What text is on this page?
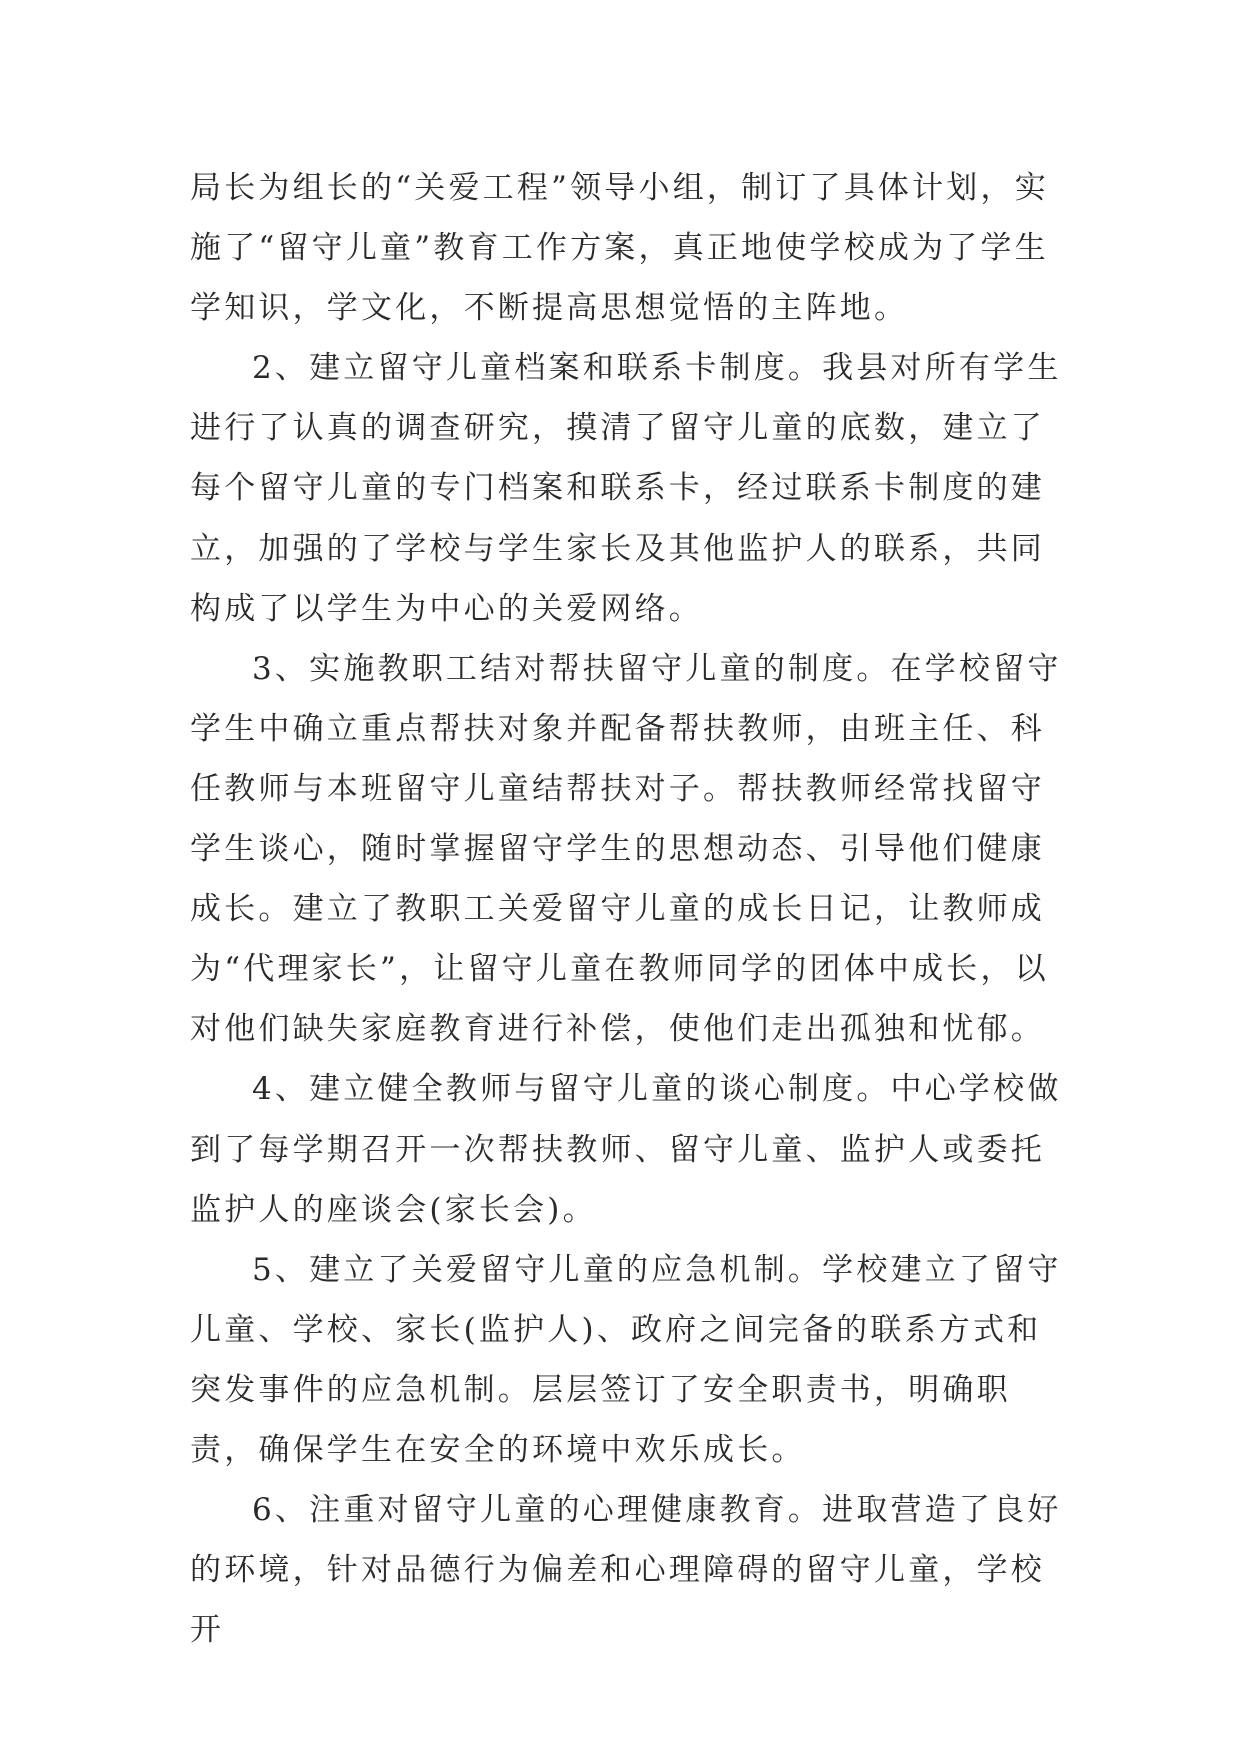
局长为组长的“关爱工程”领导小组，制订了具体计划，实施了“留守儿童”教育工作方案，真正地使学校成为了学生学知识，学文化，不断提高思想觉悟的主阵地。

2、建立留守儿童档案和联系卡制度。我县对所有学生进行了认真的调查研究，摸清了留守儿童的底数，建立了每个留守儿童的专门档案和联系卡，经过联系卡制度的建立，加强的了学校与学生家长及其他监护人的联系，共同构成了以学生为中心的关爱网络。

3、实施教职工结对帮扶留守儿童的制度。在学校留守学生中确立重点帮扶对象并配备帮扶教师，由班主任、科任教师与本班留守儿童结帮扶对子。帮扶教师经常找留守学生谈心，随时掌握留守学生的思想动态、引导他们健康成长。建立了教职工关爱留守儿童的成长日记，让教师成为“代理家长”，让留守儿童在教师同学的团体中成长，以对他们缺失家庭教育进行补偿，使他们走出孤独和忧郁。

4、建立健全教师与留守儿童的谈心制度。中心学校做到了每学期召开一次帮扶教师、留守儿童、监护人或委托监护人的座谈会(家长会)。

5、建立了关爱留守儿童的应急机制。学校建立了留守儿童、学校、家长(监护人)、政府之间完备的联系方式和突发事件的应急机制。层层签订了安全职责书，明确职责，确保学生在安全的环境中欢乐成长。

6、注重对留守儿童的心理健康教育。进取营造了良好的环境，针对品德行为偏差和心理障碍的留守儿童，学校开
